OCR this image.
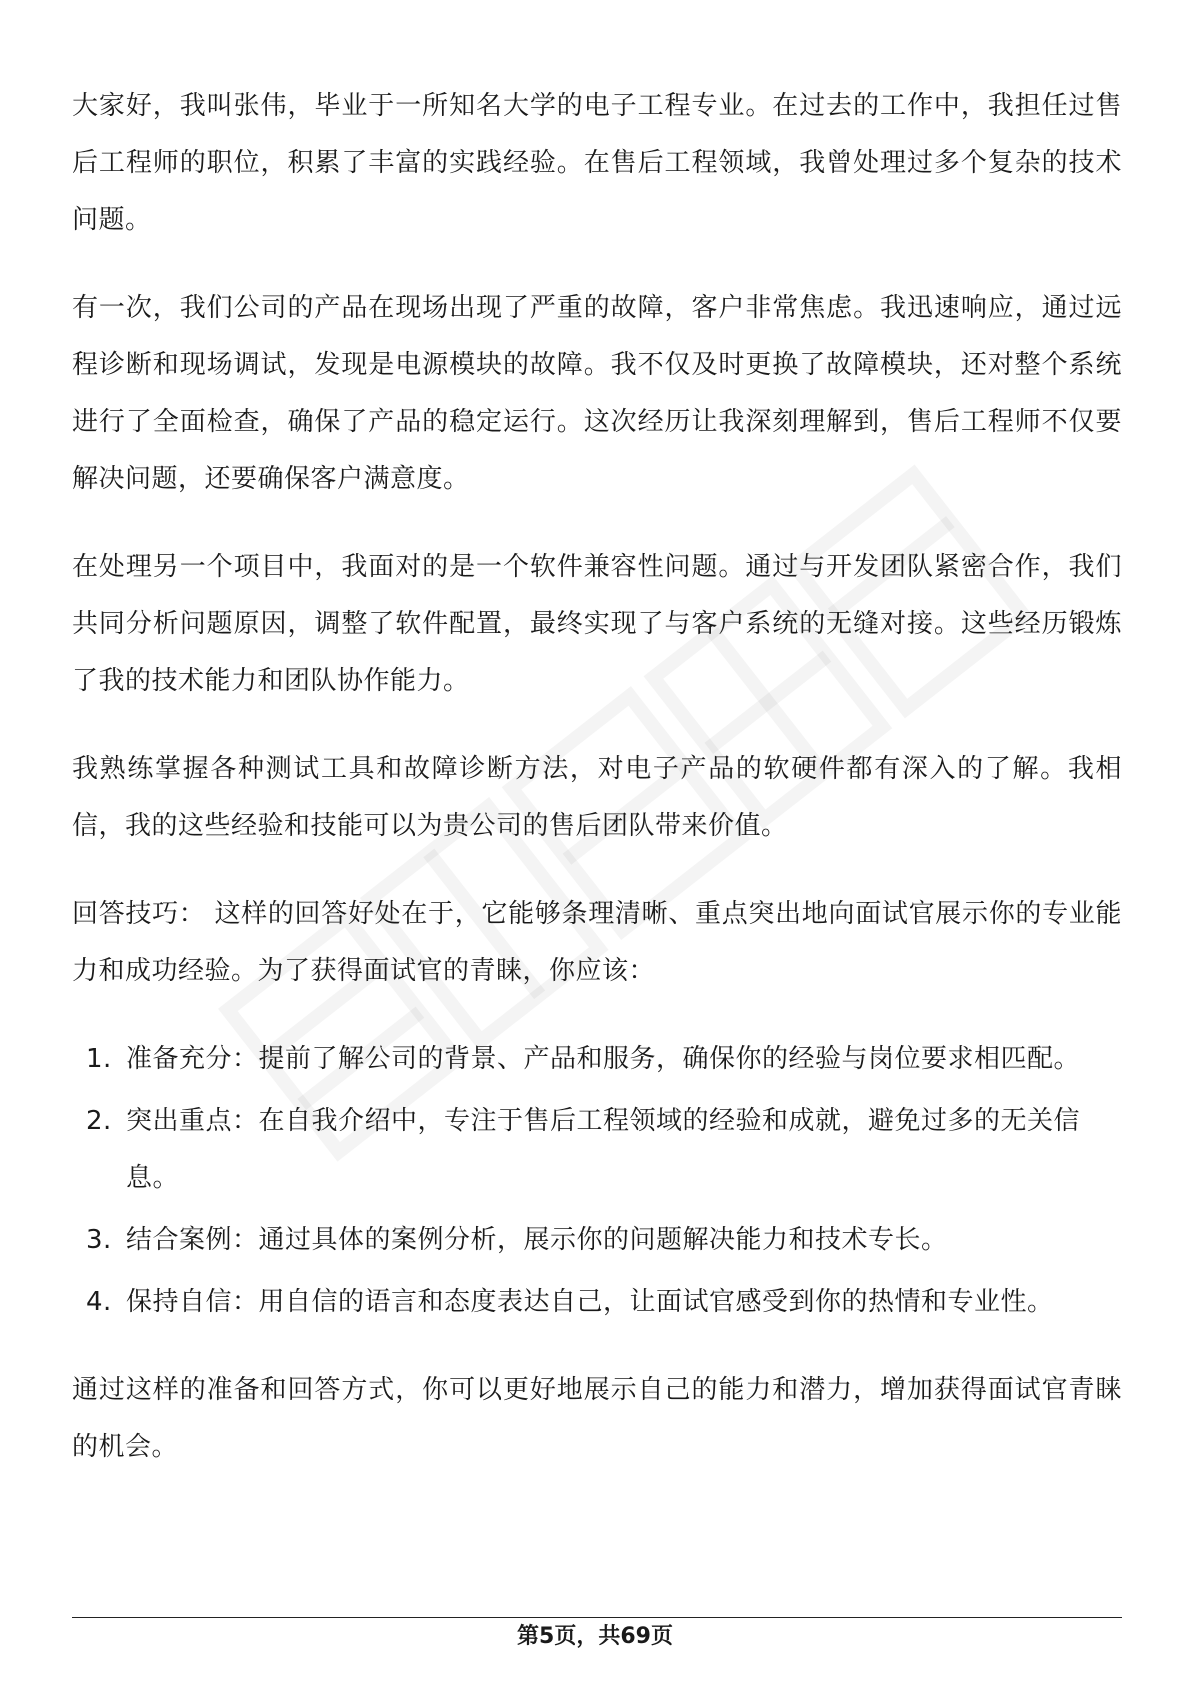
大家好，我叫张伟，毕业于一所知名大学的电子工程专业。在过去的工作中，我担任过售后工程师的职位，积累了丰富的实践经验。在售后工程领域，我曾处理过多个复杂的技术问题。

有一次，我们公司的产品在现场出现了严重的故障，客户非常焦虑。我迅速响应，通过远程诊断和现场调试，发现是电源模块的故障。我不仅及时更换了故障模块，还对整个系统进行了全面检查，确保了产品的稳定运行。这次经历让我深刻理解到，售后工程师不仅要解决问题，还要确保客户满意度。

在处理另一个项目中，我面对的是一个软件兼容性问题。通过与开发团队紧密合作，我们共同分析问题原因，调整了软件配置，最终实现了与客户系统的无缝对接。这些经历锻炼了我的技术能力和团队协作能力。

我熟练掌握各种测试工具和故障诊断方法，对电子产品的软硬件都有深入的了解。我相信，我的这些经验和技能可以为贵公司的售后团队带来价值。

回答技巧： 这样的回答好处在于，它能够条理清晰、重点突出地向面试官展示你的专业能力和成功经验。为了获得面试官的青睐，你应该：

1. 准备充分：提前了解公司的背景、产品和服务，确保你的经验与岗位要求相匹配。
2. 突出重点：在自我介绍中，专注于售后工程领域的经验和成就，避免过多的无关信息。
3. 结合案例：通过具体的案例分析，展示你的问题解决能力和技术专长。
4. 保持自信：用自信的语言和态度表达自己，让面试官感受到你的热情和专业性。

通过这样的准备和回答方式，你可以更好地展示自己的能力和潜力，增加获得面试官青睐的机会。

第5页，共69页
